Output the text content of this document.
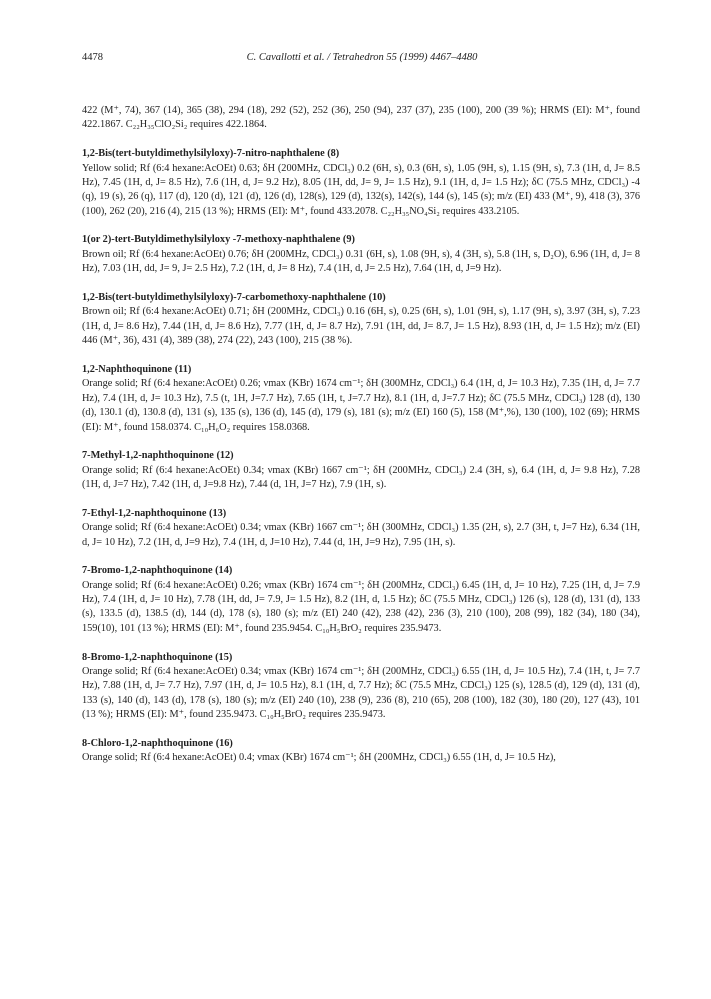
4478	C. Cavallotti et al. / Tetrahedron 55 (1999) 4467–4480

422 (M⁺, 74), 367 (14), 365 (38), 294 (18), 292 (52), 252 (36), 250 (94), 237 (37), 235 (100), 200 (39 %); HRMS (EI): M⁺, found 422.1867. C₂₂H₃₅ClO₂Si₂ requires 422.1864.

1,2-Bis(tert-butyldimethylsilyloxy)-7-nitro-naphthalene (8)

Yellow solid; Rf (6:4 hexane:AcOEt) 0.63; δH (200MHz, CDCl₃) 0.2 (6H, s), 0.3 (6H, s), 1.05 (9H, s), 1.15 (9H, s), 7.3 (1H, d, J= 8.5 Hz), 7.45 (1H, d, J= 8.5 Hz), 7.6 (1H, d, J= 9.2 Hz), 8.05 (1H, dd, J= 9, J= 1.5 Hz), 9.1 (1H, d, J= 1.5 Hz); δC (75.5 MHz, CDCl₃) -4 (q), 19 (s), 26 (q), 117 (d), 120 (d), 121 (d), 126 (d), 128(s), 129 (d), 132(s), 142(s), 144 (s), 145 (s); m/z (EI) 433 (M⁺, 9), 418 (3), 376 (100), 262 (20), 216 (4), 215 (13 %); HRMS (EI): M⁺, found 433.2078. C₂₂H₃₅NO₄Si₂ requires 433.2105.

1(or 2)-tert-Butyldimethylsilyloxy -7-methoxy-naphthalene (9)

Brown oil; Rf (6:4 hexane:AcOEt) 0.76; δH (200MHz, CDCl₃) 0.31 (6H, s), 1.08 (9H, s), 4 (3H, s), 5.8 (1H, s, D₂O), 6.96 (1H, d, J= 8 Hz), 7.03 (1H, dd, J= 9, J= 2.5 Hz), 7.2 (1H, d, J= 8 Hz), 7.4 (1H, d, J= 2.5 Hz), 7.64 (1H, d, J=9 Hz).

1,2-Bis(tert-butyldimethylsilyloxy)-7-carbomethoxy-naphthalene (10)

Brown oil; Rf (6:4 hexane:AcOEt) 0.71; δH (200MHz, CDCl₃) 0.16 (6H, s), 0.25 (6H, s), 1.01 (9H, s), 1.17 (9H, s), 3.97 (3H, s), 7.23 (1H, d, J= 8.6 Hz), 7.44 (1H, d, J= 8.6 Hz), 7.77 (1H, d, J= 8.7 Hz), 7.91 (1H, dd, J= 8.7, J= 1.5 Hz), 8.93 (1H, d, J= 1.5 Hz); m/z (EI) 446 (M⁺, 36), 431 (4), 389 (38), 274 (22), 243 (100), 215 (38 %).

1,2-Naphthoquinone (11)

Orange solid; Rf (6:4 hexane:AcOEt) 0.26; νmax (KBr) 1674 cm⁻¹; δH (300MHz, CDCl₃) 6.4 (1H, d, J= 10.3 Hz), 7.35 (1H, d, J= 7.7 Hz), 7.4 (1H, d, J= 10.3 Hz), 7.5 (t, 1H, J=7.7 Hz), 7.65 (1H, t, J=7.7 Hz), 8.1 (1H, d, J=7.7 Hz); δC (75.5 MHz, CDCl₃) 128 (d), 130 (d), 130.1 (d), 130.8 (d), 131 (s), 135 (s), 136 (d), 145 (d), 179 (s), 181 (s); m/z (EI) 160 (5), 158 (M⁺,%), 130 (100), 102 (69); HRMS (EI): M⁺, found 158.0374. C₁₀H₆O₂ requires 158.0368.

7-Methyl-1,2-naphthoquinone (12)

Orange solid; Rf (6:4 hexane:AcOEt) 0.34; νmax (KBr) 1667 cm⁻¹; δH (200MHz, CDCl₃) 2.4 (3H, s), 6.4 (1H, d, J= 9.8 Hz), 7.28 (1H, d, J=7 Hz), 7.42 (1H, d, J=9.8 Hz), 7.44 (d, 1H, J=7 Hz), 7.9 (1H, s).

7-Ethyl-1,2-naphthoquinone (13)

Orange solid; Rf (6:4 hexane:AcOEt) 0.34; νmax (KBr) 1667 cm⁻¹; δH (300MHz, CDCl₃) 1.35 (2H, s), 2.7 (3H, t, J=7 Hz), 6.34 (1H, d, J= 10 Hz), 7.2 (1H, d, J=9 Hz), 7.4 (1H, d, J=10 Hz), 7.44 (d, 1H, J=9 Hz), 7.95 (1H, s).

7-Bromo-1,2-naphthoquinone (14)

Orange solid; Rf (6:4 hexane:AcOEt) 0.26; νmax (KBr) 1674 cm⁻¹; δH (200MHz, CDCl₃) 6.45 (1H, d, J= 10 Hz), 7.25 (1H, d, J= 7.9 Hz), 7.4 (1H, d, J= 10 Hz), 7.78 (1H, dd, J= 7.9, J= 1.5 Hz), 8.2 (1H, d, 1.5 Hz); δC (75.5 MHz, CDCl₃) 126 (s), 128 (d), 131 (d), 133 (s), 133.5 (d), 138.5 (d), 144 (d), 178 (s), 180 (s); m/z (EI) 240 (42), 238 (42), 236 (3), 210 (100), 208 (99), 182 (34), 180 (34), 159(10), 101 (13 %); HRMS (EI): M⁺, found 235.9454. C₁₀H₅BrO₂ requires 235.9473.

8-Bromo-1,2-naphthoquinone (15)

Orange solid; Rf (6:4 hexane:AcOEt) 0.34; νmax (KBr) 1674 cm⁻¹; δH (200MHz, CDCl₃) 6.55 (1H, d, J= 10.5 Hz), 7.4 (1H, t, J= 7.7 Hz), 7.88 (1H, d, J= 7.7 Hz), 7.97 (1H, d, J= 10.5 Hz), 8.1 (1H, d, 7.7 Hz); δC (75.5 MHz, CDCl₃) 125 (s), 128.5 (d), 129 (d), 131 (d), 133 (s), 140 (d), 143 (d), 178 (s), 180 (s); m/z (EI) 240 (10), 238 (9), 236 (8), 210 (65), 208 (100), 182 (30), 180 (20), 127 (43), 101 (13 %); HRMS (EI): M⁺, found 235.9473. C₁₀H₅BrO₂ requires 235.9473.

8-Chloro-1,2-naphthoquinone (16)

Orange solid; Rf (6:4 hexane:AcOEt) 0.4; νmax (KBr) 1674 cm⁻¹; δH (200MHz, CDCl₃) 6.55 (1H, d, J= 10.5 Hz),
